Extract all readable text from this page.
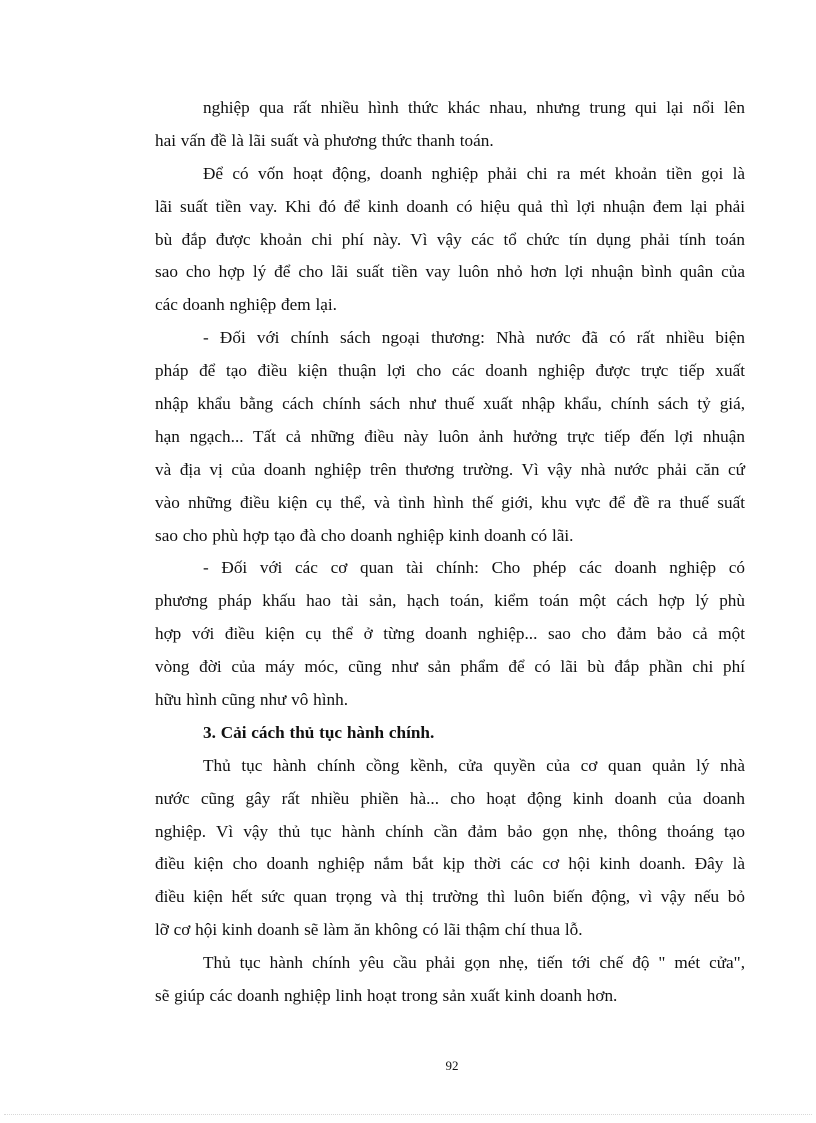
nghiệp qua rất nhiều hình thức khác nhau, nhưng trung qui lại nổi lên
hai vấn đề là lãi suất và phương thức thanh toán.
Để có vốn hoạt động, doanh nghiệp phải chi ra mét khoản tiền gọi là
lãi suất tiền vay. Khi đó để kinh doanh có hiệu quả thì lợi nhuận đem lại phải
bù đắp được khoản chi phí này. Vì vậy các tổ chức tín dụng phải tính toán
sao cho hợp lý để cho lãi suất tiền vay luôn nhỏ hơn lợi nhuận bình quân của
các doanh nghiệp đem lại.
- Đối với chính sách ngoại thương: Nhà nước đã có rất nhiều biện
pháp để tạo điều kiện thuận lợi cho các doanh nghiệp được trực tiếp xuất
nhập khẩu bằng cách chính sách như thuế xuất nhập khẩu, chính sách tỷ giá,
hạn ngạch... Tất cả những điều này luôn ảnh hưởng trực tiếp đến lợi nhuận
và địa vị của doanh nghiệp trên thương trường. Vì vậy nhà nước phải căn cứ
vào những điều kiện cụ thể, và tình hình thế giới, khu vực để đề ra thuế suất
sao cho phù hợp tạo đà cho doanh nghiệp kinh doanh có lãi.
- Đối với các cơ quan tài chính: Cho phép các doanh nghiệp có
phương pháp khấu hao tài sản, hạch toán, kiểm toán một cách hợp lý phù
hợp với điều kiện cụ thể ở từng doanh nghiệp... sao cho đảm bảo cả một
vòng đời của máy móc, cũng như sản phẩm để có lãi bù đắp phần chi phí
hữu hình cũng như vô hình.
3. Cải cách thủ tục hành chính.
Thủ tục hành chính cồng kềnh, cửa quyền của cơ quan quản lý nhà
nước cũng gây rất nhiều phiền hà... cho hoạt động kinh doanh của doanh
nghiệp. Vì vậy thủ tục hành chính cần đảm bảo gọn nhẹ, thông thoáng tạo
điều kiện cho doanh nghiệp nắm bắt kịp thời các cơ hội kinh doanh. Đây là
điều kiện hết sức quan trọng và thị trường thì luôn biến động, vì vậy nếu bỏ
lỡ cơ hội kinh doanh sẽ làm ăn không có lãi thậm chí thua lỗ.
Thủ tục hành chính yêu cầu phải gọn nhẹ, tiến tới chế độ " mét cửa",
sẽ giúp các doanh nghiệp linh hoạt trong sản xuất kinh doanh hơn.
92
